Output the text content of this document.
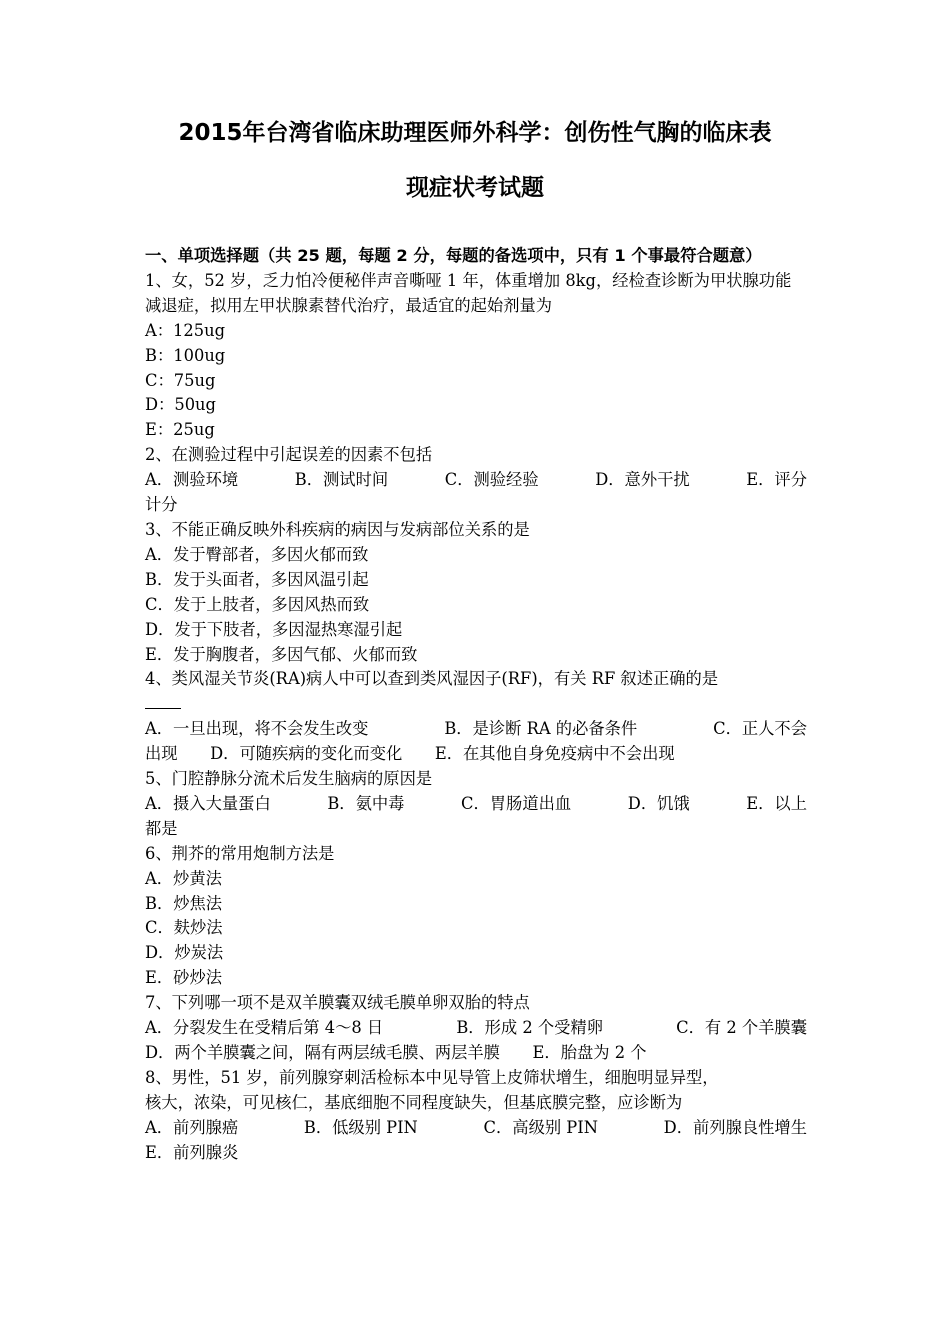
2015年台湾省临床助理医师外科学：创伤性气胸的临床表
现症状考试题
一、单项选择题（共 25 题，每题 2 分，每题的备选项中，只有 1 个事最符合题意）
1、女，52 岁，乏力怕冷便秘伴声音嘶哑 1 年，体重增加 8kg，经检查诊断为甲状腺功能减退症，拟用左甲状腺素替代治疗，最适宜的起始剂量为
A：125ug
B：100ug
C：75ug
D：50ug
E：25ug
2、在测验过程中引起误差的因素不包括
A．测验环境	B．测试时间	C．测验经验	D．意外干扰	E．评分
计分
3、不能正确反映外科疾病的病因与发病部位关系的是
A．发于臀部者，多因火郁而致
B．发于头面者，多因风温引起
C．发于上肢者，多因风热而致
D．发于下肢者，多因湿热寒湿引起
E．发于胸腹者，多因气郁、火郁而致
4、类风湿关节炎(RA)病人中可以查到类风湿因子(RF)，有关 RF 叙述正确的是
A．一旦出现，将不会发生改变	B．是诊断 RA 的必备条件	C．正人不会
出现　　D．可随疾病的变化而变化　　E．在其他自身免疫病中不会出现
5、门腔静脉分流术后发生脑病的原因是
A．摄入大量蛋白	B．氨中毒	C．胃肠道出血	D．饥饿	E．以上
都是
6、荆芥的常用炮制方法是
A．炒黄法
B．炒焦法
C．麸炒法
D．炒炭法
E．砂炒法
7、下列哪一项不是双羊膜囊双绒毛膜单卵双胎的特点
A．分裂发生在受精后第 4～8 日	B．形成 2 个受精卵	C．有 2 个羊膜囊
D．两个羊膜囊之间，隔有两层绒毛膜、两层羊膜　　E．胎盘为 2 个
8、男性，51 岁，前列腺穿刺活检标本中见导管上皮筛状增生，细胞明显异型，
核大，浓染，可见核仁，基底细胞不同程度缺失，但基底膜完整，应诊断为
A．前列腺癌	B．低级别 PIN	C．高级别 PIN	D．前列腺良性增生
E．前列腺炎
